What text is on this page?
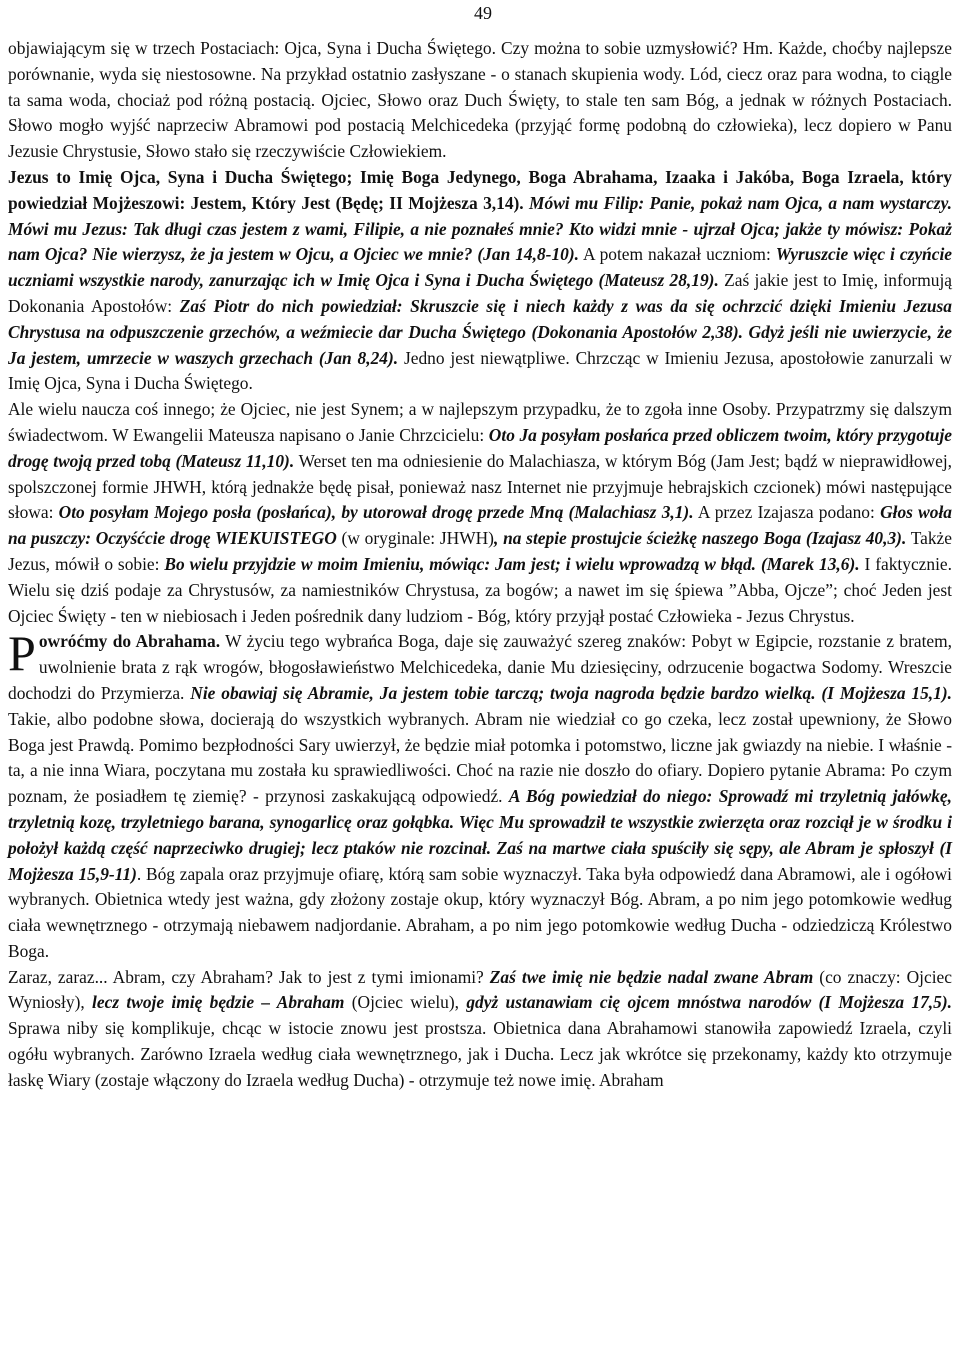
49

objawiającym się w trzech Postaciach: Ojca, Syna i Ducha Świętego. Czy można to sobie uzmysłowić? Hm. Każde, choćby najlepsze porównanie, wyda się niestosowne. Na przykład ostatnio zasłyszane - o stanach skupienia wody. Lód, ciecz oraz para wodna, to ciągle ta sama woda, chociaż pod różną postacią. Ojciec, Słowo oraz Duch Święty, to stale ten sam Bóg, a jednak w różnych Postaciach. Słowo mogło wyjść naprzeciw Abramowi pod postacią Melchicedeka (przyjąć formę podobną do człowieka), lecz dopiero w Panu Jezusie Chrystusie, Słowo stało się rzeczywiście Człowiekiem.

Jezus to Imię Ojca, Syna i Ducha Świętego; Imię Boga Jedynego, Boga Abrahama, Izaaka i Jakóba, Boga Izraela, który powiedział Mojżeszowi: Jestem, Który Jest (Będę; II Mojżesza 3,14). Mówi mu Filip: Panie, pokaż nam Ojca, a nam wystarczy. Mówi mu Jezus: Tak długi czas jestem z wami, Filipie, a nie poznałeś mnie? Kto widzi mnie - ujrzał Ojca; jakże ty mówisz: Pokaż nam Ojca? Nie wierzysz, że ja jestem w Ojcu, a Ojciec we mnie? (Jan 14,8-10). A potem nakazał uczniom: Wyruszcie więc i czyńcie uczniami wszystkie narody, zanurzając ich w Imię Ojca i Syna i Ducha Świętego (Mateusz 28,19). Zaś jakie jest to Imię, informują Dokonania Apostołów: Zaś Piotr do nich powiedział: Skruszcie się i niech każdy z was da się ochrzcić dzięki Imieniu Jezusa Chrystusa na odpuszczenie grzechów, a weźmiecie dar Ducha Świętego (Dokonania Apostołów 2,38). Gdyż jeśli nie uwierzycie, że Ja jestem, umrzecie w waszych grzechach (Jan 8,24). Jedno jest niewątpliwe. Chrzcząc w Imieniu Jezusa, apostołowie zanurzali w Imię Ojca, Syna i Ducha Świętego.

Ale wielu naucza coś innego; że Ojciec, nie jest Synem; a w najlepszym przypadku, że to zgoła inne Osoby. Przypatrzmy się dalszym świadectwom. W Ewangelii Mateusza napisano o Janie Chrzcicielu: Oto Ja posyłam posłańca przed obliczem twoim, który przygotuje drogę twoją przed tobą (Mateusz 11,10). Werset ten ma odniesienie do Malachiasza, w którym Bóg (Jam Jest; bądź w nieprawidłowej, spolszczonej formie JHWH, którą jednakże będę pisał, ponieważ nasz Internet nie przyjmuje hebrajskich czcionek) mówi następujące słowa: Oto posyłam Mojego posła (posłańca), by utorował drogę przede Mną (Malachiasz 3,1). A przez Izajasza podano: Głos woła na puszczy: Oczyśćcie drogę WIEKUISTEGO (w oryginale: JHWH), na stepie prostujcie ścieżkę naszego Boga (Izajasz 40,3). Także Jezus, mówił o sobie: Bo wielu przyjdzie w moim Imieniu, mówiąc: Jam jest; i wielu wprowadzą w błąd. (Marek 13,6). I faktycznie. Wielu się dziś podaje za Chrystusów, za namiestników Chrystusa, za bogów; a nawet im się śpiewa ”Abba, Ojcze”; choć Jeden jest Ojciec Święty - ten w niebiosach i Jeden pośrednik dany ludziom - Bóg, który przyjął postać Człowieka - Jezus Chrystus.

Powróćmy do Abrahama. W życiu tego wybrańca Boga, daje się zauważyć szereg znaków: Pobyt w Egipcie, rozstanie z bratem, uwolnienie brata z rąk wrogów, błogosławieństwo Melchicedeka, danie Mu dziesięciny, odrzucenie bogactwa Sodomy. Wreszcie dochodzi do Przymierza. Nie obawiaj się Abramie, Ja jestem tobie tarczą; twoja nagroda będzie bardzo wielką. (I Mojżesza 15,1). Takie, albo podobne słowa, docierają do wszystkich wybranych. Abram nie wiedział co go czeka, lecz został upewniony, że Słowo Boga jest Prawdą. Pomimo bezpłodności Sary uwierzył, że będzie miał potomka i potomstwo, liczne jak gwiazdy na niebie. I właśnie - ta, a nie inna Wiara, poczytana mu została ku sprawiedliwości. Choć na razie nie doszło do ofiary. Dopiero pytanie Abrama: Po czym poznam, że posiadłem tę ziemię? - przynosi zaskakującą odpowiedź. A Bóg powiedział do niego: Sprowadź mi trzyletnią jałówkę, trzyletnią kozę, trzyletniego barana, synogarlicę oraz gołąbka. Więc Mu sprowadził te wszystkie zwierzęta oraz rozciął je w środku i położył każdą część naprzeciwko drugiej; lecz ptaków nie rozcinał. Zaś na martwe ciała spuściły się sępy, ale Abram je spłoszył (I Mojżesza 15,9-11). Bóg zapala oraz przyjmuje ofiarę, którą sam sobie wyznaczył. Taka była odpowiedź dana Abramowi, ale i ogółowi wybranych. Obietnica wtedy jest ważna, gdy złożony zostaje okup, który wyznaczył Bóg. Abram, a po nim jego potomkowie według ciała wewnętrznego - otrzymają niebawem nadjordanie. Abraham, a po nim jego potomkowie według Ducha - odziedziczą Królestwo Boga.

Zaraz, zaraz... Abram, czy Abraham? Jak to jest z tymi imionami? Zaś twe imię nie będzie nadal zwane Abram (co znaczy: Ojciec Wyniosły), lecz twoje imię będzie – Abraham (Ojciec wielu), gdyż ustanawiam cię ojcem mnóstwa narodów (I Mojżesza 17,5). Sprawa niby się komplikuje, chcąc w istocie znowu jest prostsza. Obietnica dana Abrahamowi stanowiła zapowiedź Izraela, czyli ogółu wybranych. Zarówno Izraela według ciała wewnętrznego, jak i Ducha. Lecz jak wkrótce się przekonamy, każdy kto otrzymuje łaskę Wiary (zostaje włączony do Izraela według Ducha) - otrzymuje też nowe imię. Abraham
